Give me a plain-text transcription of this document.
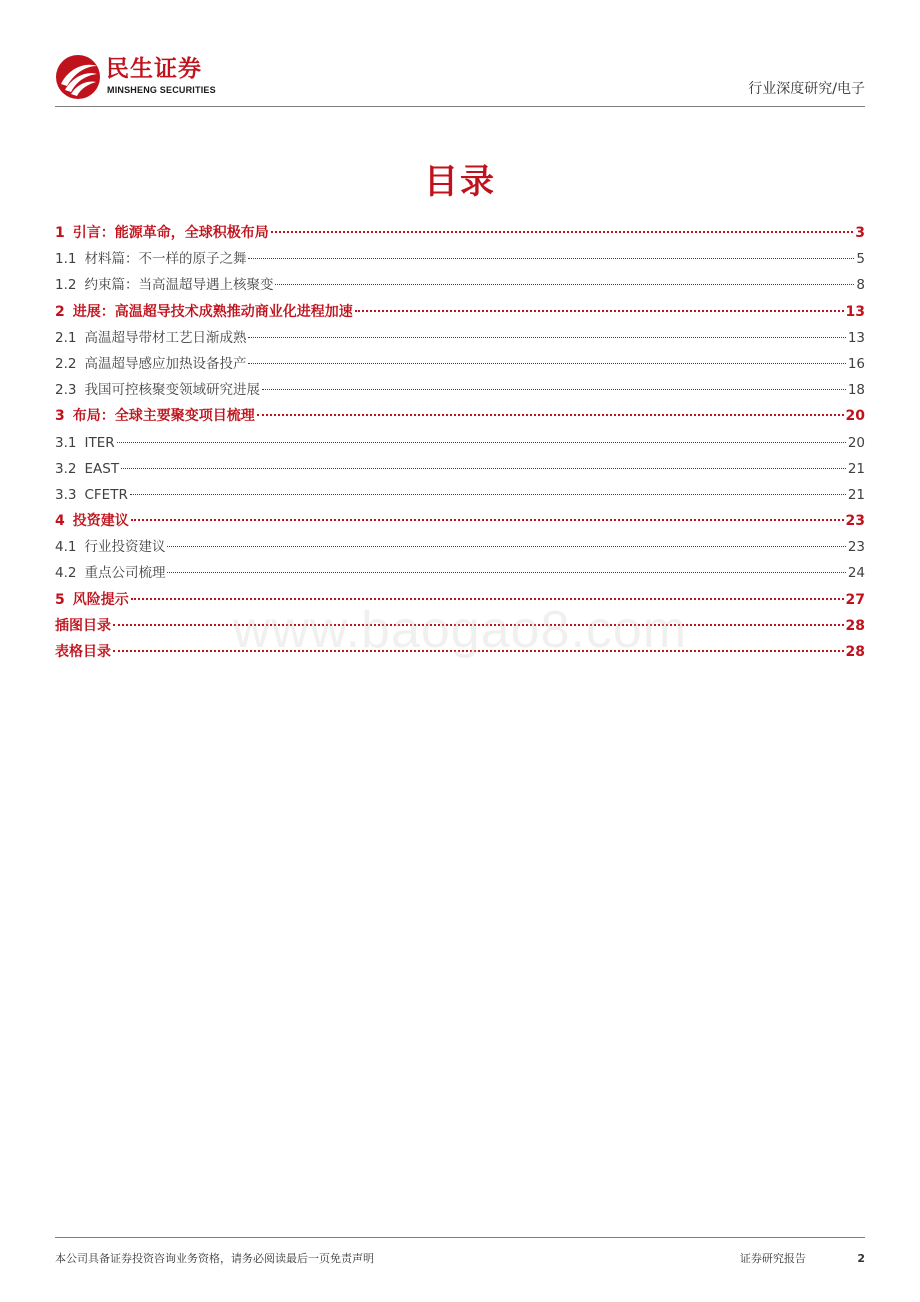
民生证券
MINSHENG SECURITIES	行业深度研究/电子
目录
1 引言：能源革命，全球积极布局	3
1.1 材料篇：不一样的原子之舞	5
1.2 约束篇：当高温超导遇上核聚变	8
2 进展：高温超导技术成熟推动商业化进程加速	13
2.1 高温超导带材工艺日渐成熟	13
2.2 高温超导感应加热设备投产	16
2.3 我国可控核聚变领域研究进展	18
3 布局：全球主要聚变项目梳理	20
3.1 ITER	20
3.2 EAST	21
3.3 CFETR	21
4 投资建议	23
4.1 行业投资建议	23
4.2 重点公司梳理	24
5 风险提示	27
插图目录	28
表格目录	28
www.baogao8.com
本公司具备证券投资咨询业务资格，请务必阅读最后一页免责声明	证券研究报告	2
